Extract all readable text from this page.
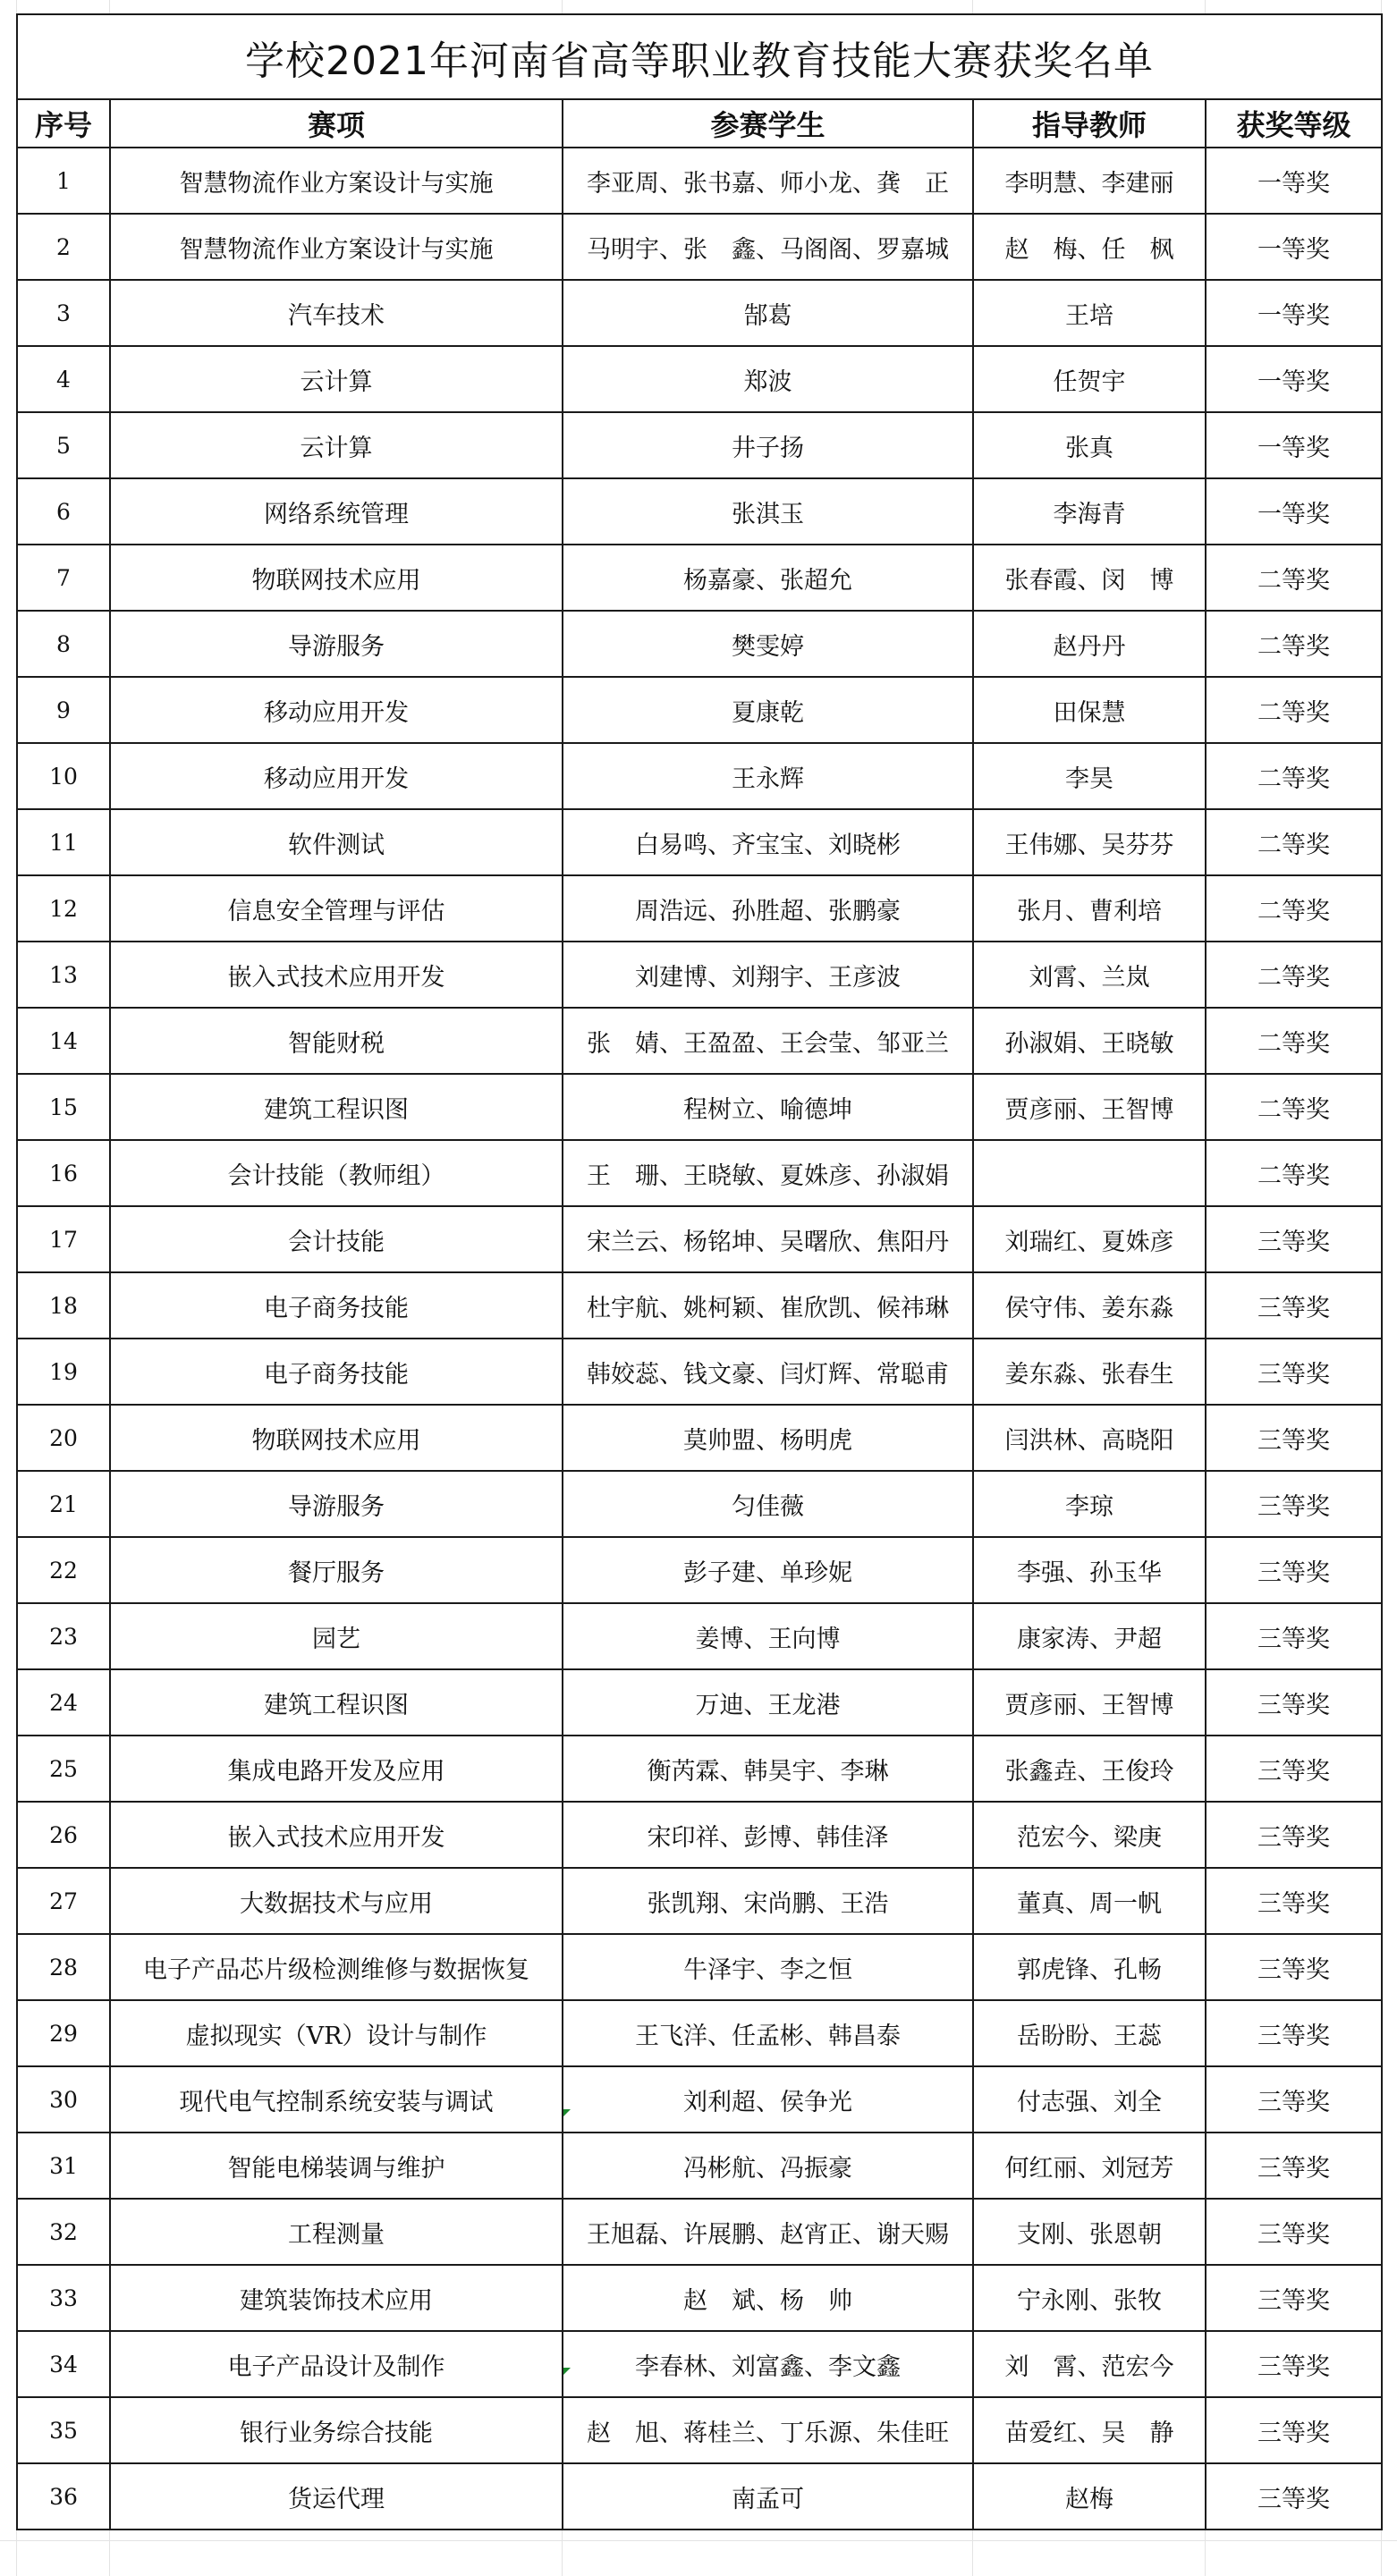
学校2021年河南省高等职业教育技能大赛获奖名单				
序号	赛项	参赛学生	指导教师	获奖等级
1	智慧物流作业方案设计与实施	李亚周、张书嘉、师小龙、龚　正	李明慧、李建丽	一等奖
2	智慧物流作业方案设计与实施	马明宇、张　鑫、马阁阁、罗嘉城	赵　梅、任　枫	一等奖
3	汽车技术	郜葛	王培	一等奖
4	云计算	郑波	任贺宇	一等奖
5	云计算	井子扬	张真	一等奖
6	网络系统管理	张淇玉	李海青	一等奖
7	物联网技术应用	杨嘉豪、张超允	张春霞、闵　博	二等奖
8	导游服务	樊雯婷	赵丹丹	二等奖
9	移动应用开发	夏康乾	田保慧	二等奖
10	移动应用开发	王永辉	李昊	二等奖
11	软件测试	白易鸣、齐宝宝、刘晓彬	王伟娜、吴芬芬	二等奖
12	信息安全管理与评估	周浩远、孙胜超、张鹏豪	张月、曹利培	二等奖
13	嵌入式技术应用开发	刘建博、刘翔宇、王彦波	刘霄、兰岚	二等奖
14	智能财税	张　婧、王盈盈、王会莹、邹亚兰	孙淑娟、王晓敏	二等奖
15	建筑工程识图	程树立、喻德坤	贾彦丽、王智博	二等奖
16	会计技能（教师组）	王　珊、王晓敏、夏姝彦、孙淑娟		二等奖
17	会计技能	宋兰云、杨铭坤、吴曙欣、焦阳丹	刘瑞红、夏姝彦	三等奖
18	电子商务技能	杜宇航、姚柯颖、崔欣凯、候祎琳	侯守伟、姜东淼	三等奖
19	电子商务技能	韩姣蕊、钱文豪、闫灯辉、常聪甫	姜东淼、张春生	三等奖
20	物联网技术应用	莫帅盟、杨明虎	闫洪林、高晓阳	三等奖
21	导游服务	匀佳薇	李琼	三等奖
22	餐厅服务	彭子建、单珍妮	李强、孙玉华	三等奖
23	园艺	姜博、王向博	康家涛、尹超	三等奖
24	建筑工程识图	万迪、王龙港	贾彦丽、王智博	三等奖
25	集成电路开发及应用	衡芮霖、韩昊宇、李琳	张鑫垚、王俊玲	三等奖
26	嵌入式技术应用开发	宋印祥、彭博、韩佳泽	范宏今、梁庚	三等奖
27	大数据技术与应用	张凯翔、宋尚鹏、王浩	董真、周一帆	三等奖
28	电子产品芯片级检测维修与数据恢复	牛泽宇、李之恒	郭虎锋、孔畅	三等奖
29	虚拟现实（VR）设计与制作	王飞洋、任孟彬、韩昌泰	岳盼盼、王蕊	三等奖
30	现代电气控制系统安装与调试	刘利超、侯争光	付志强、刘全	三等奖
31	智能电梯装调与维护	冯彬航、冯振豪	何红丽、刘冠芳	三等奖
32	工程测量	王旭磊、许展鹏、赵宵正、谢天赐	支刚、张恩朝	三等奖
33	建筑装饰技术应用	赵　斌、杨　帅	宁永刚、张牧	三等奖
34	电子产品设计及制作	李春林、刘富鑫、李文鑫	刘　霄、范宏今	三等奖
35	银行业务综合技能	赵　旭、蒋桂兰、丁乐源、朱佳旺	苗爱红、吴　静	三等奖
36	货运代理	南孟可	赵梅	三等奖
